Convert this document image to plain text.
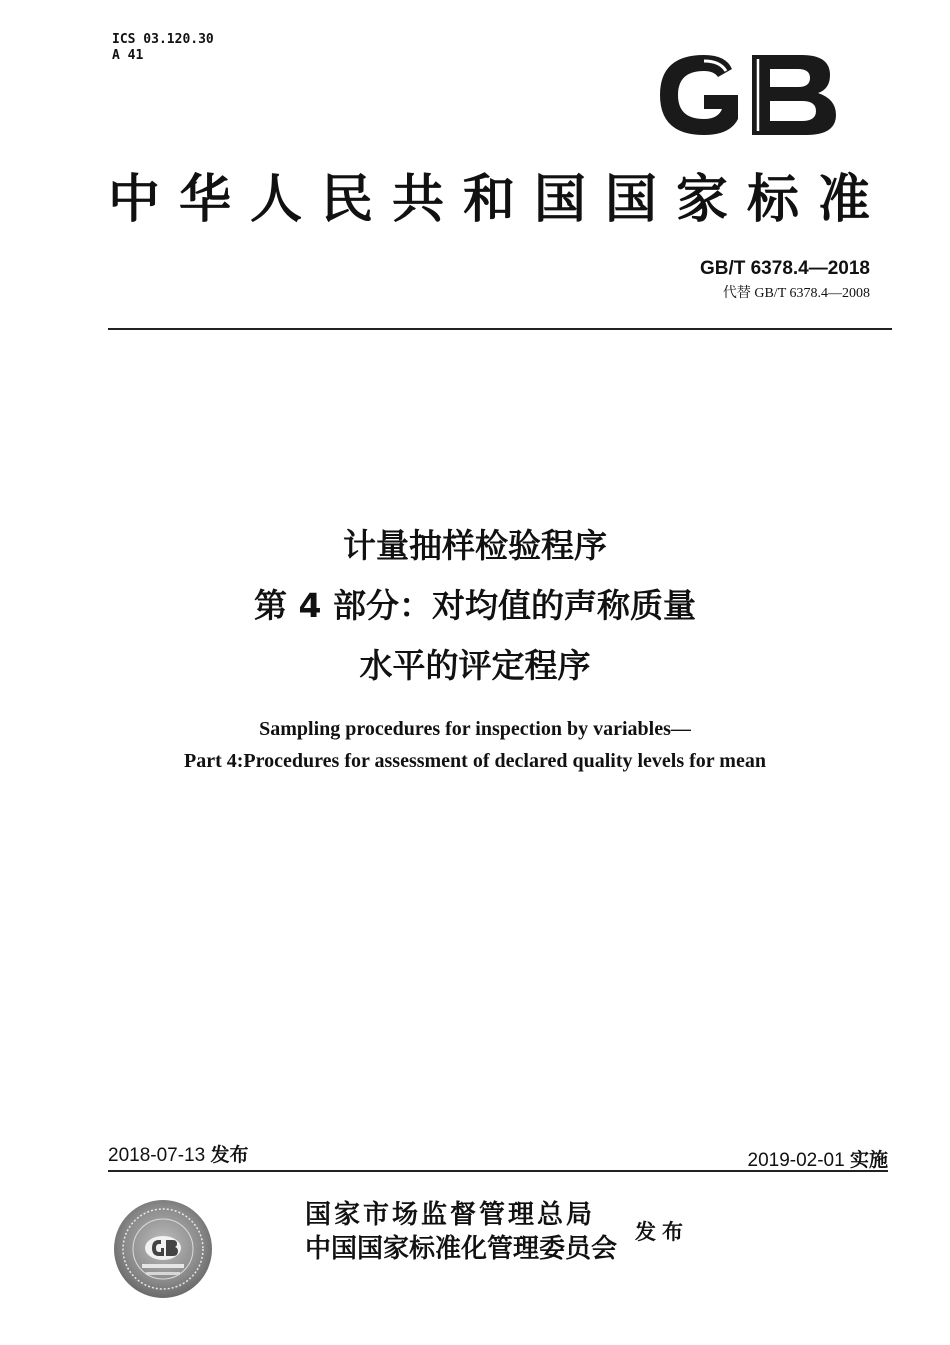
ICS 03.120.30
A 41
中华人民共和国国家标准
GB/T 6378.4—2018
代替 GB/T 6378.4—2008
计量抽样检验程序
第 4 部分：对均值的声称质量
水平的评定程序
Sampling procedures for inspection by variables—
Part 4:Procedures for assessment of declared quality levels for mean
2018-07-13 发布	2019-02-01 实施
国家市场监督管理总局
中国国家标准化管理委员会
发布
